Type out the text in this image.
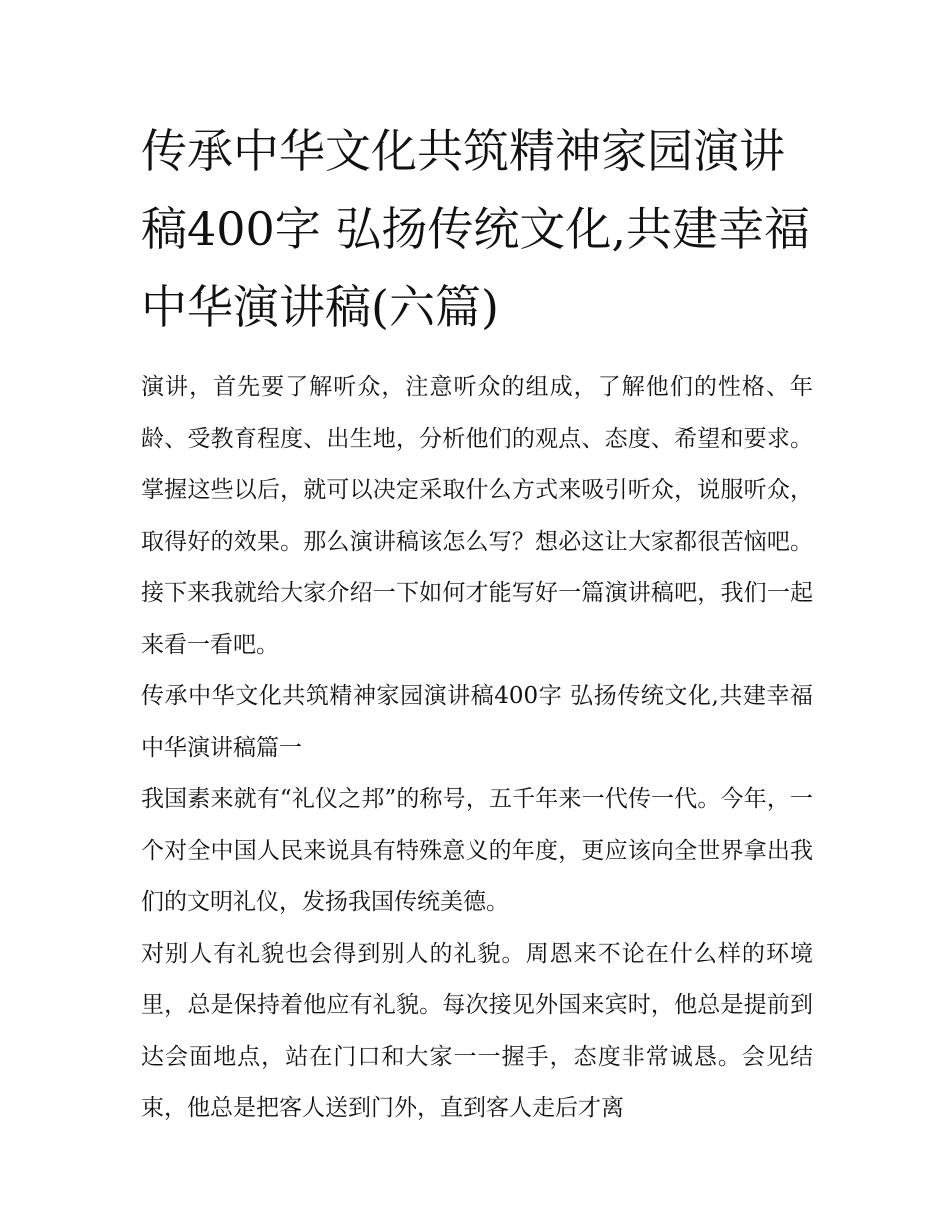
传承中华文化共筑精神家园演讲稿400字 弘扬传统文化,共建幸福中华演讲稿(六篇)

演讲，首先要了解听众，注意听众的组成，了解他们的性格、年龄、受教育程度、出生地，分析他们的观点、态度、希望和要求。掌握这些以后，就可以决定采取什么方式来吸引听众，说服听众，取得好的效果。那么演讲稿该怎么写？想必这让大家都很苦恼吧。接下来我就给大家介绍一下如何才能写好一篇演讲稿吧，我们一起来看一看吧。

传承中华文化共筑精神家园演讲稿400字 弘扬传统文化,共建幸福中华演讲稿篇一

我国素来就有“礼仪之邦”的称号，五千年来一代传一代。今年，一个对全中国人民来说具有特殊意义的年度，更应该向全世界拿出我们的文明礼仪，发扬我国传统美德。

对别人有礼貌也会得到别人的礼貌。周恩来不论在什么样的环境里，总是保持着他应有礼貌。每次接见外国来宾时，他总是提前到达会面地点，站在门口和大家一一握手，态度非常诚恳。会见结束，他总是把客人送到门外，直到客人走后才离
